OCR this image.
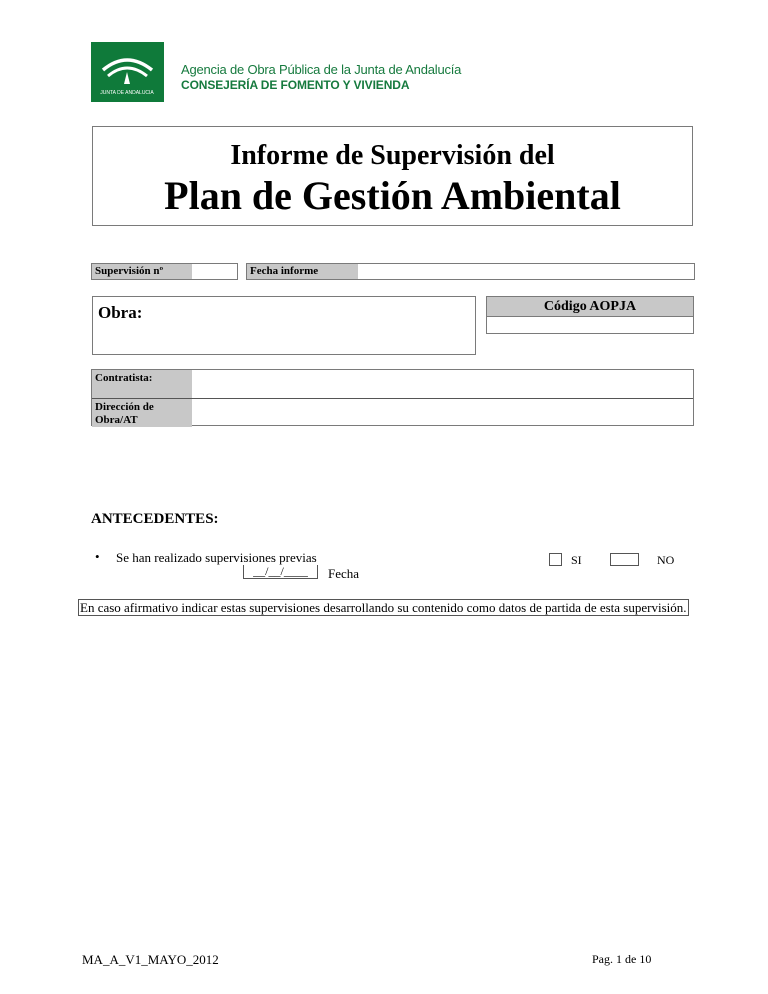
JUNTA DE ANDALUCIA
Agencia de Obra Pública de la Junta de Andalucía
CONSEJERÍA DE FOMENTO Y VIVIENDA
Informe de Supervisión del
Plan de Gestión Ambiental
Supervisión nº	Fecha informe
Obra:	Código AOPJA
Contratista:
Dirección de Obra/AT
ANTECEDENTES:
• Se han realizado supervisiones previas
__/__/____	Fecha
SI	NO
En caso afirmativo indicar estas supervisiones desarrollando su contenido como datos de partida de esta supervisión.
MA_A_V1_MAYO_2012	Pag. 1 de 10
